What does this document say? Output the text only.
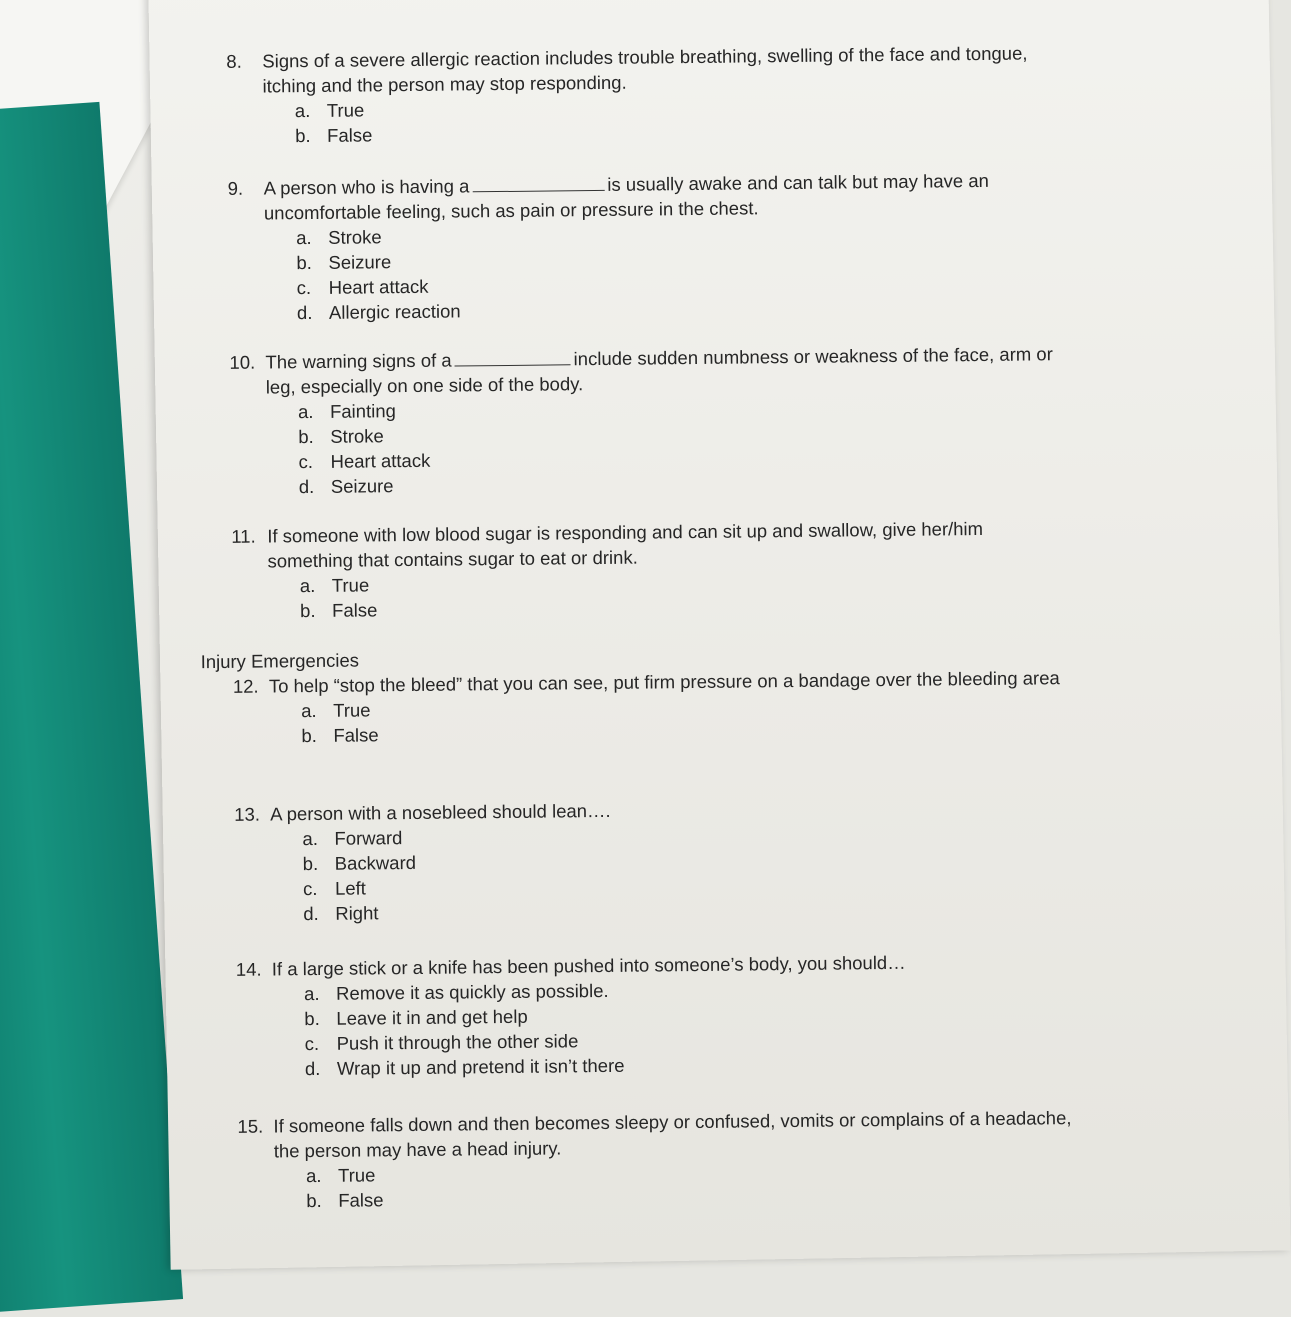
8. Signs of a severe allergic reaction includes trouble breathing, swelling of the face and tongue, itching and the person may stop responding.
a. True
b. False
9. A person who is having a	is usually awake and can talk but may have an uncomfortable feeling, such as pain or pressure in the chest.
a. Stroke
b. Seizure
c. Heart attack
d. Allergic reaction
10. The warning signs of a	include sudden numbness or weakness of the face, arm or leg, especially on one side of the body.
a. Fainting
b. Stroke
c. Heart attack
d. Seizure
11. If someone with low blood sugar is responding and can sit up and swallow, give her/him something that contains sugar to eat or drink.
a. True
b. False
Injury Emergencies
12. To help “stop the bleed” that you can see, put firm pressure on a bandage over the bleeding area
a. True
b. False
13. A person with a nosebleed should lean….
a. Forward
b. Backward
c. Left
d. Right
14. If a large stick or a knife has been pushed into someone’s body, you should…
a. Remove it as quickly as possible.
b. Leave it in and get help
c. Push it through the other side
d. Wrap it up and pretend it isn’t there
15. If someone falls down and then becomes sleepy or confused, vomits or complains of a headache, the person may have a head injury.
a. True
b. False
